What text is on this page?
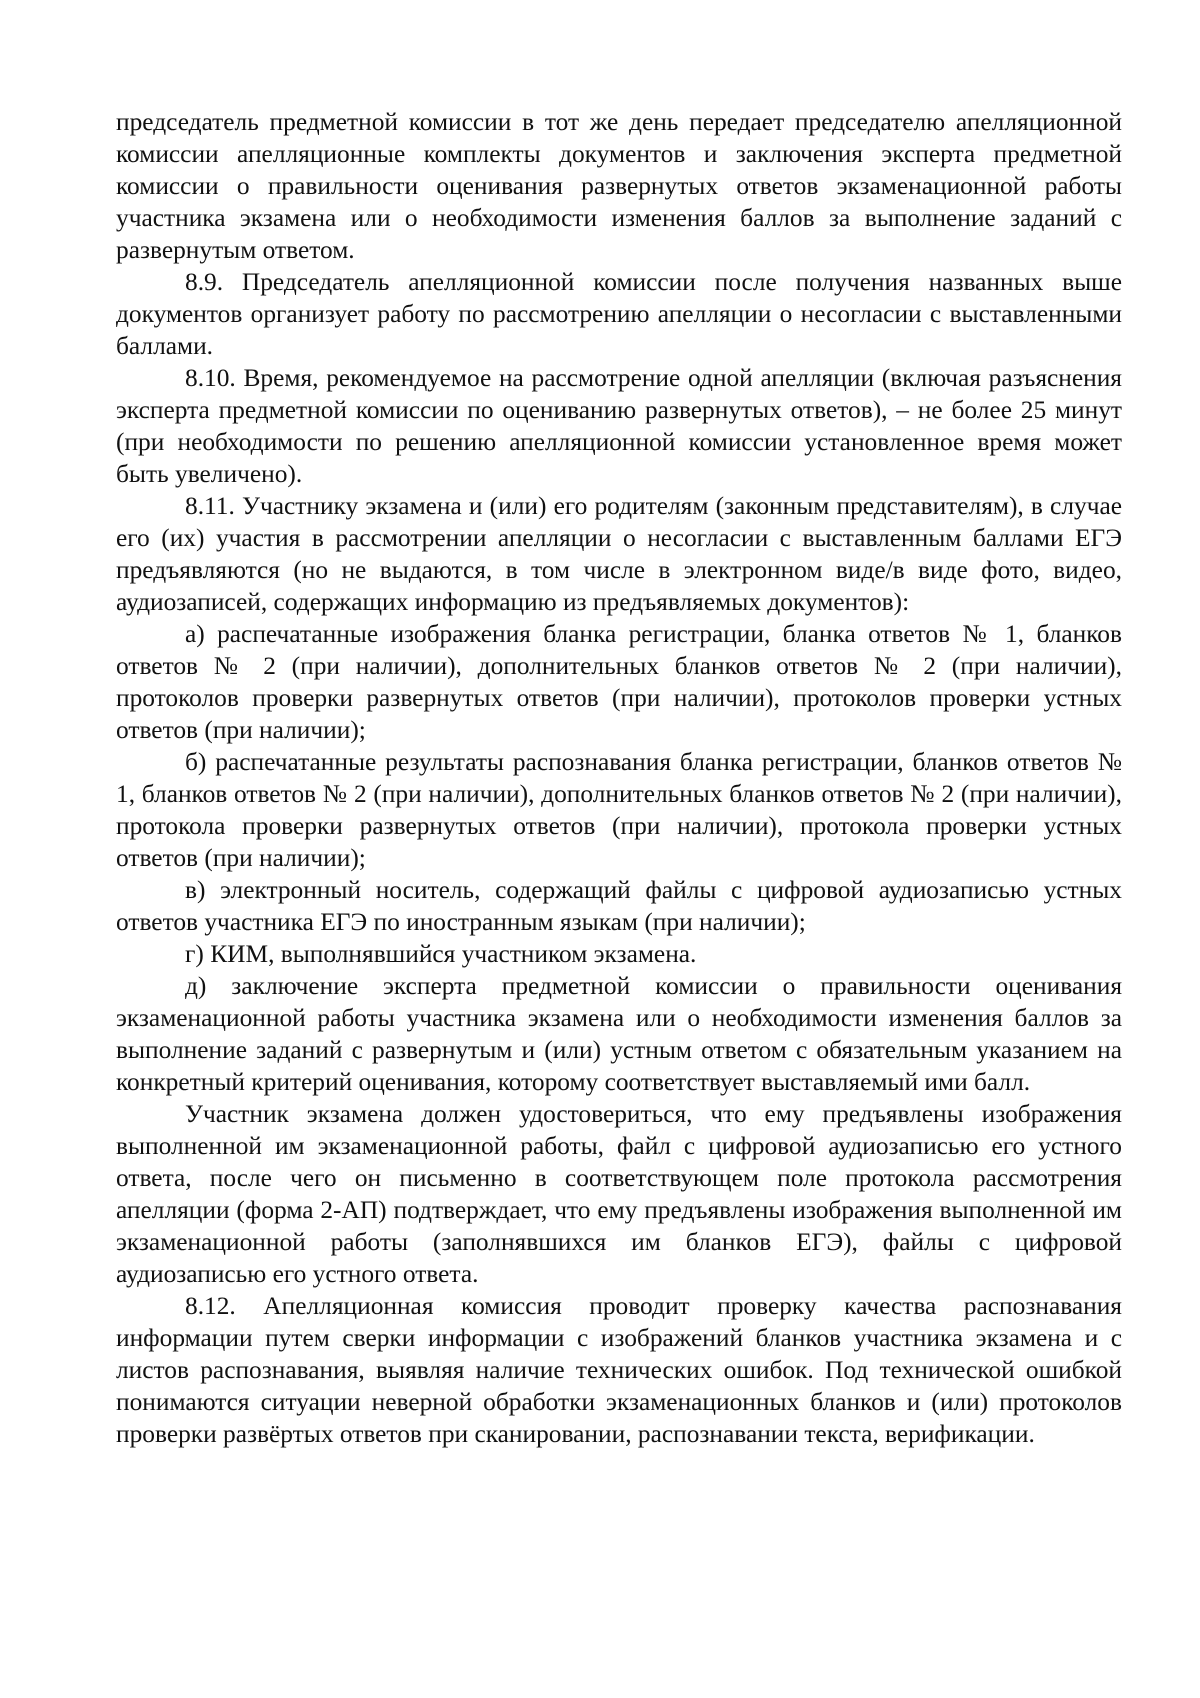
председатель предметной комиссии в тот же день передает председателю апелляционной комиссии апелляционные комплекты документов и заключения эксперта предметной комиссии о правильности оценивания развернутых ответов экзаменационной работы участника экзамена или о необходимости изменения баллов за выполнение заданий с развернутым ответом.

8.9. Председатель апелляционной комиссии после получения названных выше документов организует работу по рассмотрению апелляции о несогласии с выставленными баллами.

8.10. Время, рекомендуемое на рассмотрение одной апелляции (включая разъяснения эксперта предметной комиссии по оцениванию развернутых ответов), – не более 25 минут (при необходимости по решению апелляционной комиссии установленное время может быть увеличено).

8.11. Участнику экзамена и (или) его родителям (законным представителям), в случае его (их) участия в рассмотрении апелляции о несогласии с выставленным баллами ЕГЭ предъявляются (но не выдаются, в том числе в электронном виде/в виде фото, видео, аудиозаписей, содержащих информацию из предъявляемых документов):

а) распечатанные изображения бланка регистрации, бланка ответов № 1, бланков ответов № 2 (при наличии), дополнительных бланков ответов № 2 (при наличии), протоколов проверки развернутых ответов (при наличии), протоколов проверки устных ответов (при наличии);

б) распечатанные результаты распознавания бланка регистрации, бланков ответов № 1, бланков ответов № 2 (при наличии), дополнительных бланков ответов № 2 (при наличии), протокола проверки развернутых ответов (при наличии), протокола проверки устных ответов (при наличии);

в) электронный носитель, содержащий файлы с цифровой аудиозаписью устных ответов участника ЕГЭ по иностранным языкам (при наличии);

г) КИМ, выполнявшийся участником экзамена.

д) заключение эксперта предметной комиссии о правильности оценивания экзаменационной работы участника экзамена или о необходимости изменения баллов за выполнение заданий с развернутым и (или) устным ответом с обязательным указанием на конкретный критерий оценивания, которому соответствует выставляемый ими балл.

Участник экзамена должен удостовериться, что ему предъявлены изображения выполненной им экзаменационной работы, файл с цифровой аудиозаписью его устного ответа, после чего он письменно в соответствующем поле протокола рассмотрения апелляции (форма 2-АП) подтверждает, что ему предъявлены изображения выполненной им экзаменационной работы (заполнявшихся им бланков ЕГЭ), файлы с цифровой аудиозаписью его устного ответа.

8.12. Апелляционная комиссия проводит проверку качества распознавания информации путем сверки информации с изображений бланков участника экзамена и с листов распознавания, выявляя наличие технических ошибок. Под технической ошибкой понимаются ситуации неверной обработки экзаменационных бланков и (или) протоколов проверки развёртых ответов при сканировании, распознавании текста, верификации.
